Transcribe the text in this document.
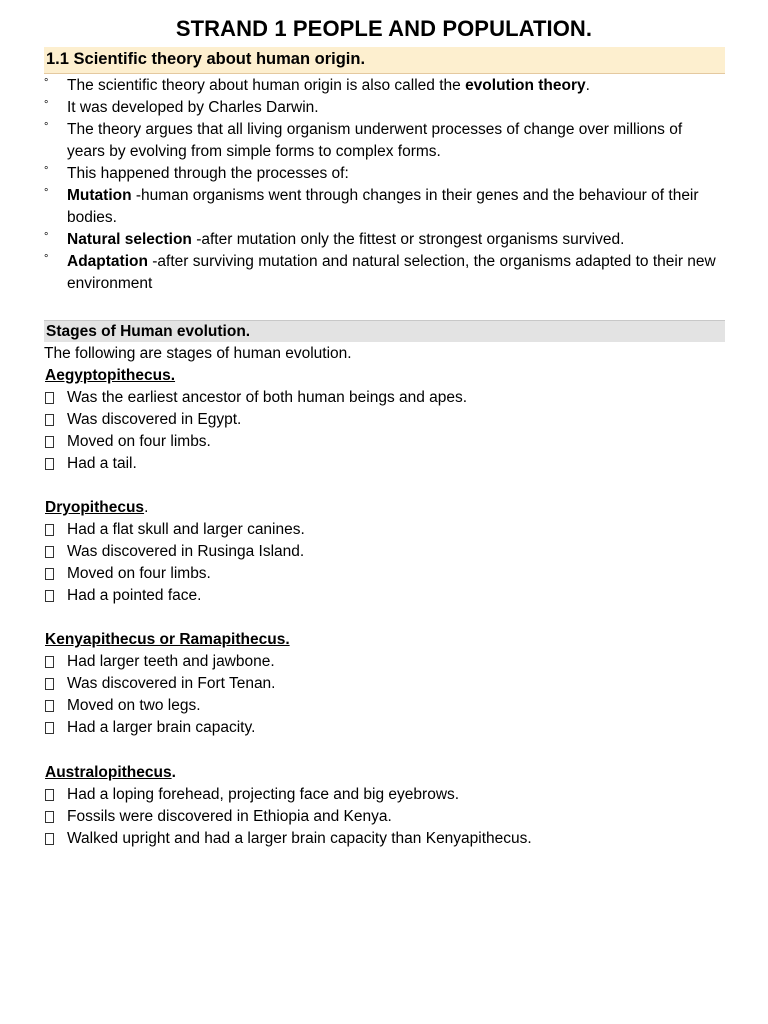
STRAND 1 PEOPLE AND POPULATION.
1.1 Scientific theory about human origin.
° The scientific theory about human origin is also called the evolution theory.
° It was developed by Charles Darwin.
° The theory argues that all living organism underwent processes of change over millions of years by evolving from simple forms to complex forms.
° This happened through the processes of:
° Mutation -human organisms went through changes in their genes and the behaviour of their bodies.
° Natural selection -after mutation only the fittest or strongest organisms survived.
° Adaptation -after surviving mutation and natural selection, the organisms adapted to their new environment
Stages of Human evolution.
The following are stages of human evolution.
Aegyptopithecus.
Was the earliest ancestor of both human beings and apes.
Was discovered in Egypt.
Moved on four limbs.
Had a tail.
Dryopithecus.
Had a flat skull and larger canines.
Was discovered in Rusinga Island.
Moved on four limbs.
Had a pointed face.
Kenyapithecus or Ramapithecus.
Had larger teeth and jawbone.
Was discovered in Fort Tenan.
Moved on two legs.
Had a larger brain capacity.
Australopithecus.
Had a loping forehead, projecting face and big eyebrows.
Fossils were discovered in Ethiopia and Kenya.
Walked upright and had a larger brain capacity than Kenyapithecus.
